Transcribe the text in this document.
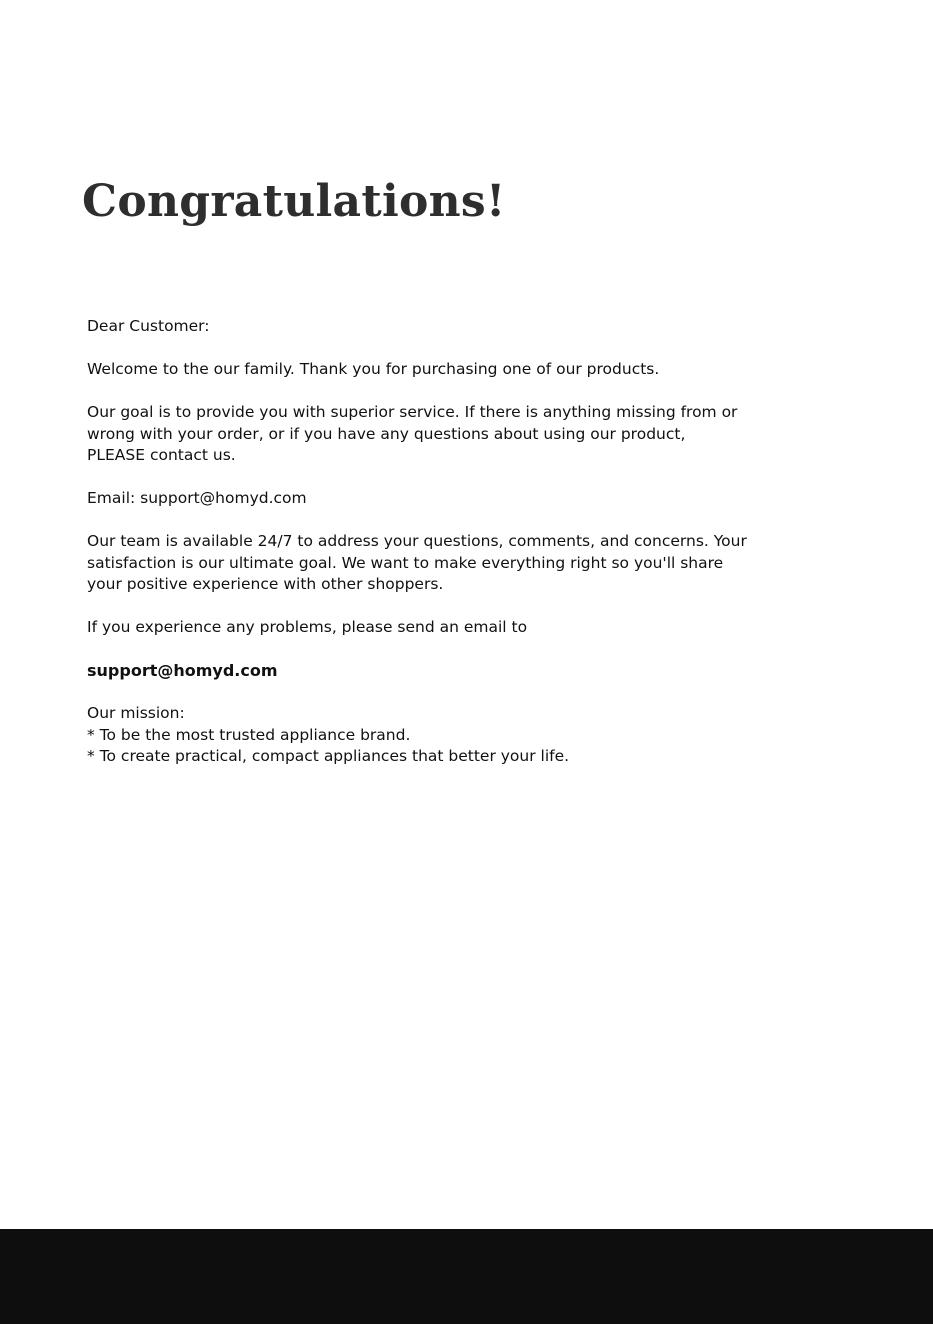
Congratulations!

Dear Customer:

Welcome to the our family. Thank you for purchasing one of our products.

Our goal is to provide you with superior service. If there is anything missing from or
wrong with your order, or if you have any questions about using our product,
PLEASE contact us.

Email: support@homyd.com

Our team is available 24/7 to address your questions, comments, and concerns. Your
satisfaction is our ultimate goal. We want to make everything right so you'll share
your positive experience with other shoppers.

If you experience any problems, please send an email to

support@homyd.com

Our mission:
* To be the most trusted appliance brand.
* To create practical, compact appliances that better your life.
